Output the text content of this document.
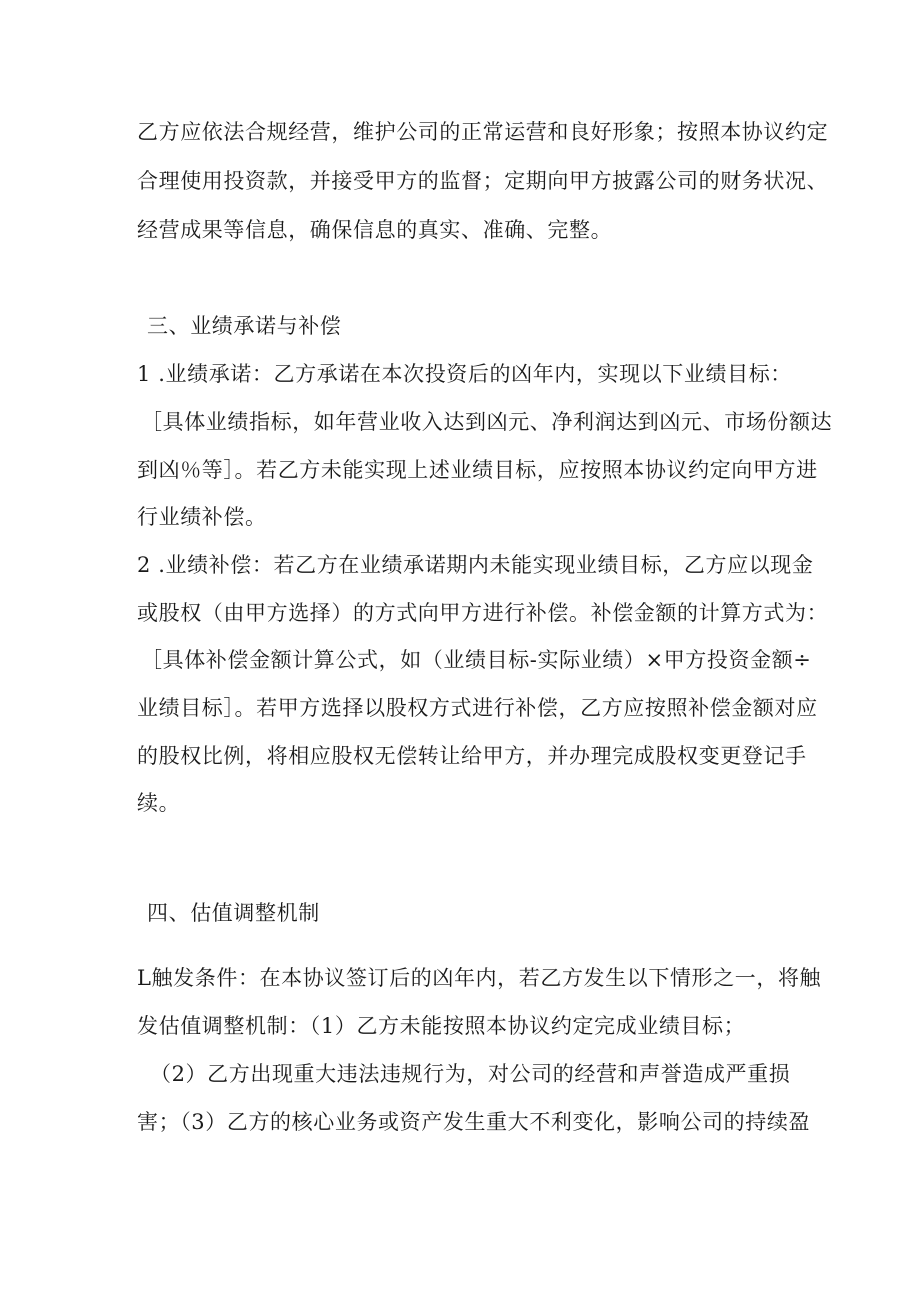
乙方应依法合规经营，维护公司的正常运营和良好形象；按照本协议约定
合理使用投资款，并接受甲方的监督；定期向甲方披露公司的财务状况、
经营成果等信息，确保信息的真实、准确、完整。
三、业绩承诺与补偿
1 .业绩承诺：乙方承诺在本次投资后的凶年内，实现以下业绩目标：
［具体业绩指标，如年营业收入达到凶元、净利润达到凶元、市场份额达
到凶％等］。若乙方未能实现上述业绩目标，应按照本协议约定向甲方进
行业绩补偿。
2 .业绩补偿：若乙方在业绩承诺期内未能实现业绩目标，乙方应以现金
或股权（由甲方选择）的方式向甲方进行补偿。补偿金额的计算方式为：
［具体补偿金额计算公式，如（业绩目标-实际业绩）×甲方投资金额÷
业绩目标］。若甲方选择以股权方式进行补偿，乙方应按照补偿金额对应
的股权比例，将相应股权无偿转让给甲方，并办理完成股权变更登记手
续。
四、估值调整机制
L触发条件：在本协议签订后的凶年内，若乙方发生以下情形之一，将触
发估值调整机制：（1）乙方未能按照本协议约定完成业绩目标；
（2）乙方出现重大违法违规行为，对公司的经营和声誉造成严重损
害；（3）乙方的核心业务或资产发生重大不利变化，影响公司的持续盈
